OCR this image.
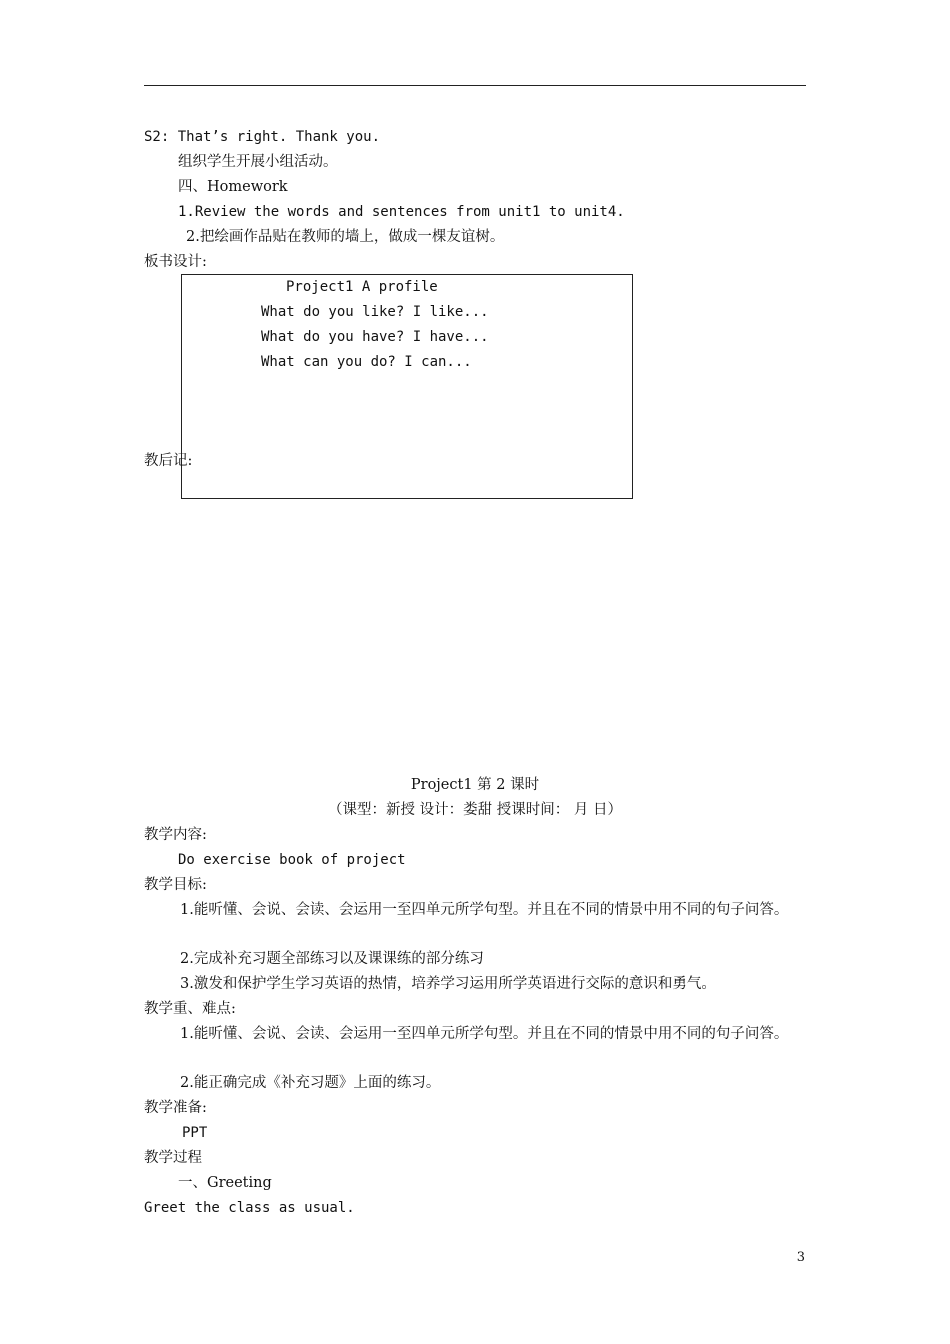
S2: That’s right. Thank you.
组织学生开展小组活动。
四、Homework
1.Review the words and sentences from unit1 to unit4.
2.把绘画作品贴在教师的墙上，做成一棵友谊树。
板书设计:
Project1 A profile
What do you like? I like...
What do you have? I have...
What can you do? I can...
教后记:
Project1 第 2 课时
（课型：新授 设计：娄甜 授课时间： 月 日）
教学内容:
Do exercise book of project
教学目标:
1.能听懂、会说、会读、会运用一至四单元所学句型。并且在不同的情景中用不同的句子问答。
2.完成补充习题全部练习以及课课练的部分练习
3.激发和保护学生学习英语的热情，培养学习运用所学英语进行交际的意识和勇气。
教学重、难点:
1.能听懂、会说、会读、会运用一至四单元所学句型。并且在不同的情景中用不同的句子问答。
2.能正确完成《补充习题》上面的练习。
教学准备:
PPT
教学过程
一、Greeting
Greet the class as usual.
3
